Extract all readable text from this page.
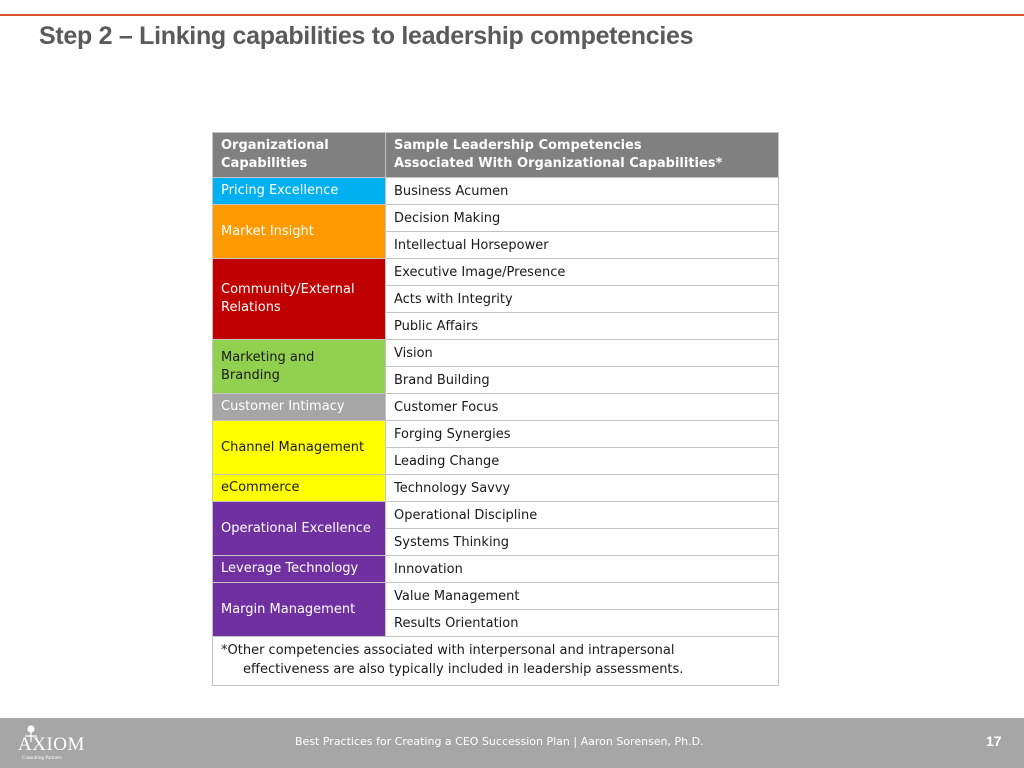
Step 2 – Linking capabilities to leadership competencies
Organizational
Capabilities	Sample Leadership Competencies
Associated With Organizational Capabilities*
Pricing Excellence	Business Acumen
Market Insight	Decision Making
	Intellectual Horsepower
Community/External
Relations	Executive Image/Presence
	Acts with Integrity
	Public Affairs
Marketing and
Branding	Vision
	Brand Building
Customer Intimacy	Customer Focus
Channel Management	Forging Synergies
	Leading Change
eCommerce	Technology Savvy
Operational Excellence	Operational Discipline
	Systems Thinking
Leverage Technology	Innovation
Margin Management	Value Management
	Results Orientation
*Other competencies associated with interpersonal and intrapersonal
effectiveness are also typically included in leadership assessments.	
AXIOM
Consulting Partners
Best Practices for Creating a CEO Succession Plan | Aaron Sorensen, Ph.D.	17
